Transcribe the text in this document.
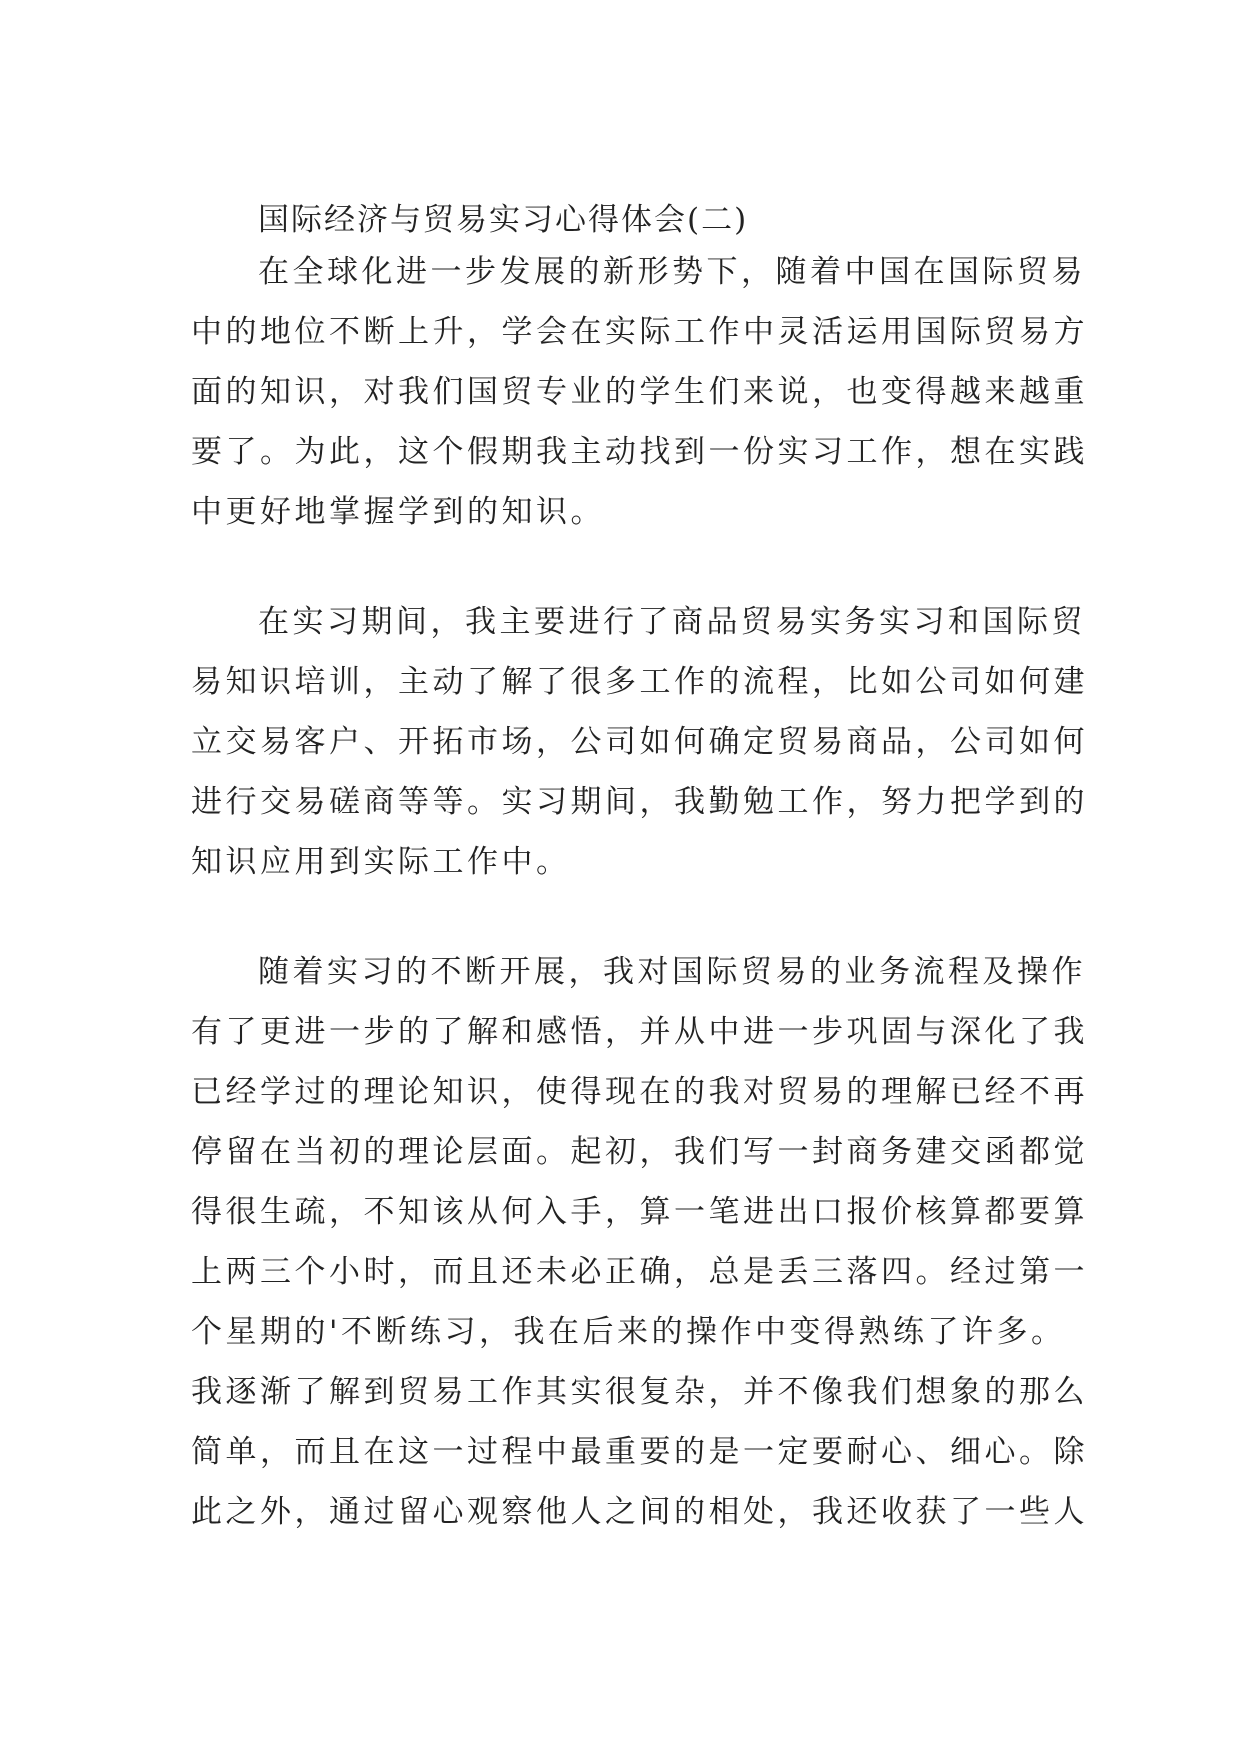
国际经济与贸易实习心得体会(二)
在全球化进一步发展的新形势下，随着中国在国际贸易
中的地位不断上升，学会在实际工作中灵活运用国际贸易方
面的知识，对我们国贸专业的学生们来说，也变得越来越重
要了。为此，这个假期我主动找到一份实习工作，想在实践
中更好地掌握学到的知识。
在实习期间，我主要进行了商品贸易实务实习和国际贸
易知识培训，主动了解了很多工作的流程，比如公司如何建
立交易客户、开拓市场，公司如何确定贸易商品，公司如何
进行交易磋商等等。实习期间，我勤勉工作，努力把学到的
知识应用到实际工作中。
随着实习的不断开展，我对国际贸易的业务流程及操作
有了更进一步的了解和感悟，并从中进一步巩固与深化了我
已经学过的理论知识，使得现在的我对贸易的理解已经不再
停留在当初的理论层面。起初，我们写一封商务建交函都觉
得很生疏，不知该从何入手，算一笔进出口报价核算都要算
上两三个小时，而且还未必正确，总是丢三落四。经过第一
个星期的'不断练习，我在后来的操作中变得熟练了许多。
我逐渐了解到贸易工作其实很复杂，并不像我们想象的那么
简单，而且在这一过程中最重要的是一定要耐心、细心。除
此之外，通过留心观察他人之间的相处，我还收获了一些人
